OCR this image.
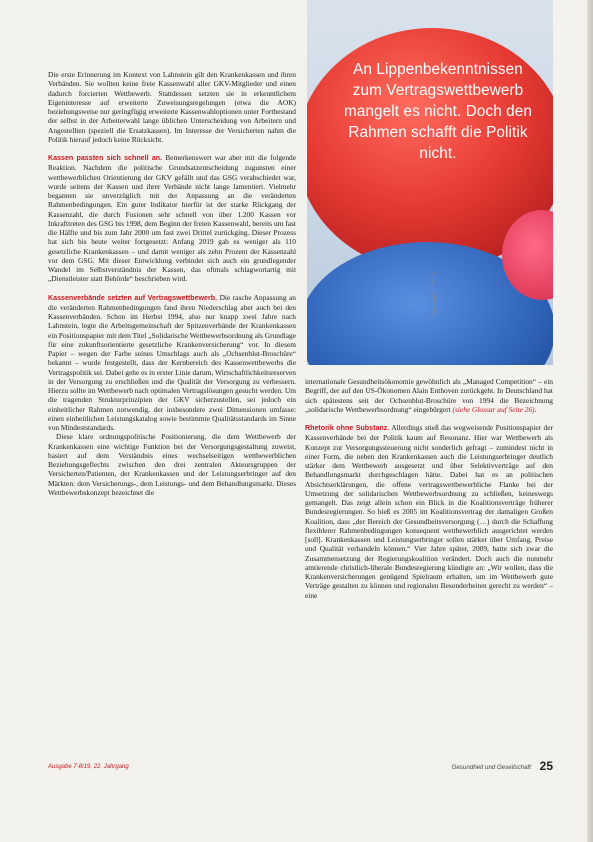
An Lippenbekenntnissen zum Vertragswettbewerb mangelt es nicht. Doch den Rahmen schafft die Politik nicht.

Die erste Erinnerung im Kontext von Lahnstein gilt den Krankenkassen und ihren Verbänden. Sie wollten keine freie Kassenwahl aller GKV-Mitglieder und einen dadurch forcierten Wettbewerb. Stattdessen setzten sie in erkenntlichem Eigeninteresse auf erweiterte Zuweisungsregelungen (etwa die AOK) beziehungsweise nur geringfügig erweiterte Kassenwahloptionen unter Fortbestand der selbst in der Arbeiterwahl lange üblichen Unterscheidung von Arbeitern und Angestellten (speziell die Ersatzkassen). Im Interesse der Versicherten nahm die Politik hierauf jedoch keine Rücksicht.

Kassen passten sich schnell an. Bemerkenswert war aber mit die folgende Reaktion. Nachdem die politische Grundsatzentscheidung zugunsten einer wettbewerblichen Orientierung der GKV gefällt und das GSG verabschiedet war, wurde seitens der Kassen und ihrer Verbände nicht lange lamentiert. Vielmehr begannen sie unverzüglich mit der Anpassung an die veränderten Rahmenbedingungen. Ein guter Indikator hierfür ist der starke Rückgang der Kassenzahl, die durch Fusionen sehr schnell von über 1.200 Kassen vor Inkrafttreten des GSG bis 1998, dem Beginn der freien Kassenwahl, bereits um fast die Hälfte und bis zum Jahr 2000 um fast zwei Drittel zurückging. Dieser Prozess hat sich bis heute weiter fortgesetzt: Anfang 2019 gab es weniger als 110 gesetzliche Krankenkassen – und damit weniger als zehn Prozent der Kassenzahl vor dem GSG. Mit dieser Entwicklung verbindet sich auch ein grundlegender Wandel im Selbstverständnis der Kassen, das oftmals schlagwortartig mit „Dienstleister statt Behörde“ beschrieben wird.

Kassenverbände setzten auf Vertragswettbewerb. Die rasche Anpassung an die veränderten Rahmenbedingungen fand ihren Niederschlag aber auch bei den Kassenverbänden. Schon im Herbst 1994, also nur knapp zwei Jahre nach Lahnstein, legte die Arbeitsgemeinschaft der Spitzenverbände der Krankenkassen ein Positionspapier mit dem Titel „Solidarische Wettbewerbsordnung als Grundlage für eine zukunftsorientierte gesetzliche Krankenversicherung“ vor. In diesem Papier – wegen der Farbe seines Umschlags auch als „Ochsenblut-Broschüre“ bekannt – wurde festgestellt, dass der Kernbereich des Kassenwettbewerbs die Vertragspolitik sei. Dabei gehe es in erster Linie darum, Wirtschaftlichkeitsreserven in der Versorgung zu erschließen und die Qualität der Versorgung zu verbessern. Hierzu sollte im Wettbewerb nach optimalen Vertragslösungen gesucht werden. Um die tragenden Strukturprinzipien der GKV sicherzustellen, sei jedoch ein einheitlicher Rahmen notwendig, der insbesondere zwei Dimensionen umfasse: einen einheitlichen Leistungskatalog sowie bestimmte Qualitätsstandards im Sinne von Mindeststandards.

Diese klare ordnungspolitische Positionierung, die dem Wettbewerb der Krankenkassen eine wichtige Funktion bei der Versorgungsgestaltung zuweist, basiert auf dem Verständnis eines wechselseitigen wettbewerblichen Beziehungsgeflechts zwischen den drei zentralen Akteursgruppen der Versicherten/Patienten, der Krankenkassen und der Leistungserbringer auf den Märkten: dem Versicherungs-, dem Leistungs- und dem Behandlungsmarkt. Dieses Wettbewerbskonzept bezeichnet die

internationale Gesundheitsökonomie gewöhnlich als „Managed Competition“ – ein Begriff, der auf den US-Ökonomen Alain Enthoven zurückgeht. In Deutschland hat sich spätestens seit der Ochsenblut-Broschüre von 1994 die Bezeichnung „solidarische Wettbewerbsordnung“ eingebürgert (siehe Glossar auf Seite 26).

Rhetorik ohne Substanz. Allerdings stieß das wegweisende Positionspapier der Kassenverbände bei der Politik kaum auf Resonanz. Hier war Wettbewerb als Konzept zur Versorgungssteuerung nicht sonderlich gefragt – zumindest nicht in einer Form, die neben den Krankenkassen auch die Leistungserbringer deutlich stärker dem Wettbewerb ausgesetzt und über Selektivverträge auf den Behandlungsmarkt durchgeschlagen hätte. Dabei hat es an politischen Absichtserklärungen, die offene vertragswettbewerbliche Flanke bei der Umsetzung der solidarischen Wettbewerbsordnung zu schließen, keineswegs gemangelt. Das zeigt allein schon ein Blick in die Koalitionsverträge früherer Bundesregierungen. So hieß es 2005 im Koalitionsvertrag der damaligen Großen Koalition, dass „der Bereich der Gesundheitsversorgung (…) durch die Schaffung flexiblerer Rahmenbedingungen konsequent wettbewerblich ausgerichtet werden [soll]. Krankenkassen und Leistungserbringer sollen stärker über Umfang, Preise und Qualität verhandeln können.“ Vier Jahre später, 2009, hatte sich zwar die Zusammensetzung der Regierungskoalition verändert. Doch auch die nunmehr amtierende christlich-liberale Bundesregierung kündigte an: „Wir wollen, dass die Krankenversicherungen genügend Spielraum erhalten, um im Wettbewerb gute Verträge gestalten zu können und regionalen Besonderheiten gerecht zu werden“ – eine

Ausgabe 7-8/19, 22. Jahrgang	Gesundheit und Gesellschaft 25
